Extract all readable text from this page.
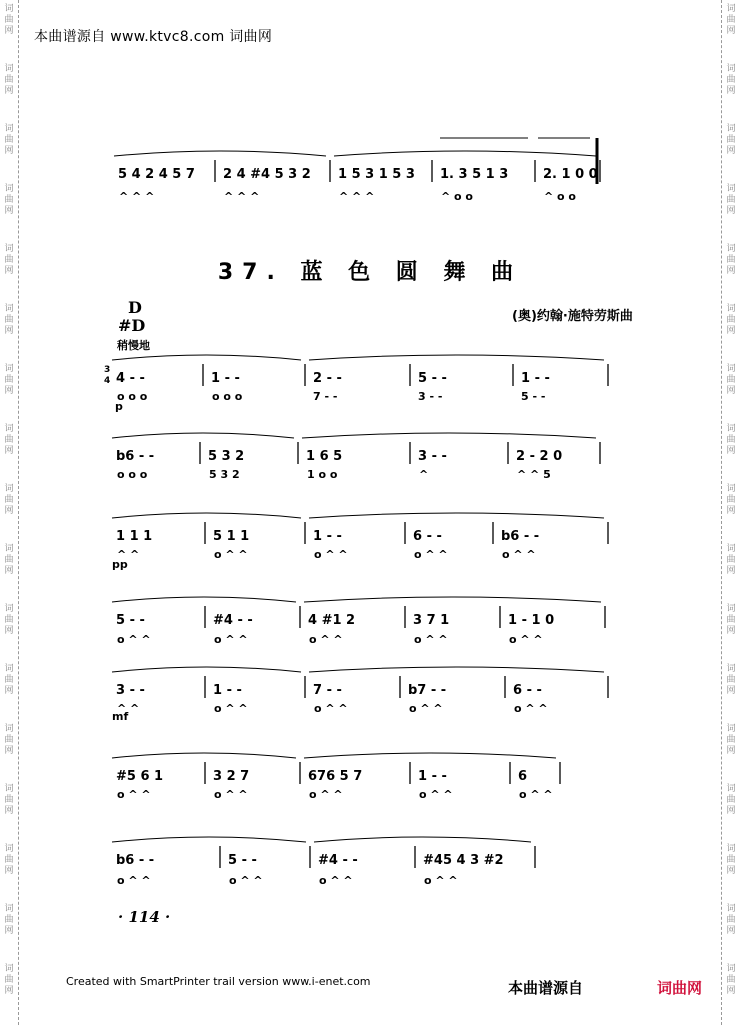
词
曲
网
词
曲
网
词
曲
网
词
曲
网
词
曲
网
词
曲
网
词
曲
网
词
曲
网
词
曲
网
词
曲
网
词
曲
网
词
曲
网
词
曲
网
词
曲
网
词
曲
网
词
曲
网
词
曲
网
词
曲
网
词
曲
网
词
曲
网
词
曲
网
词
曲
网
词
曲
网
词
曲
网
词
曲
网
词
曲
网
词
曲
网
词
曲
网
词
曲
网
词
曲
网
词
曲
网
词
曲
网
词
曲
网
词
曲
网
本曲谱源自 www.ktvc8.com 词曲网
37. 蓝 色 圆 舞 曲
(奥)约翰·施特劳斯曲
D
#D
稍慢地
5 4 2 4 5 7
^ ^ ^
2 4 #4 5 3 2
^ ^ ^
1 5 3 1 5 3
^ ^ ^
1. 3 5 1 3
^ o o
2. 1 0 0
^ o o
4 - -
o o o
1 - -
o o o
2 - -
7 - -
5 - -
3 - -
1 - -
5 - -
b6 - -
o o o
5 3 2
5 3 2
1 6 5
1 o o
3 - -
^
2 - 2 0
^ ^ 5
1 1 1
^ ^
5 1 1
o ^ ^
1 - -
o ^ ^
6 - -
o ^ ^
b6 - -
o ^ ^
5 - -
o ^ ^
#4 - -
o ^ ^
4 #1 2
o ^ ^
3 7 1
o ^ ^
1 - 1 0
o ^ ^
3 - -
^ ^
1 - -
o ^ ^
7 - -
o ^ ^
b7 - -
o ^ ^
6 - -
o ^ ^
#5 6 1
o ^ ^
3 2 7
o ^ ^
676 5 7
o ^ ^
1 - -
o ^ ^
6
o ^ ^
b6 - -
o ^ ^
5 - -
o ^ ^
#4 - -
o ^ ^
#45 4 3 #2
o ^ ^
p
pp
mf
3
4
· 114 ·
Created with SmartPrinter trail version www.i-enet.com	本曲谱源自	词曲网
